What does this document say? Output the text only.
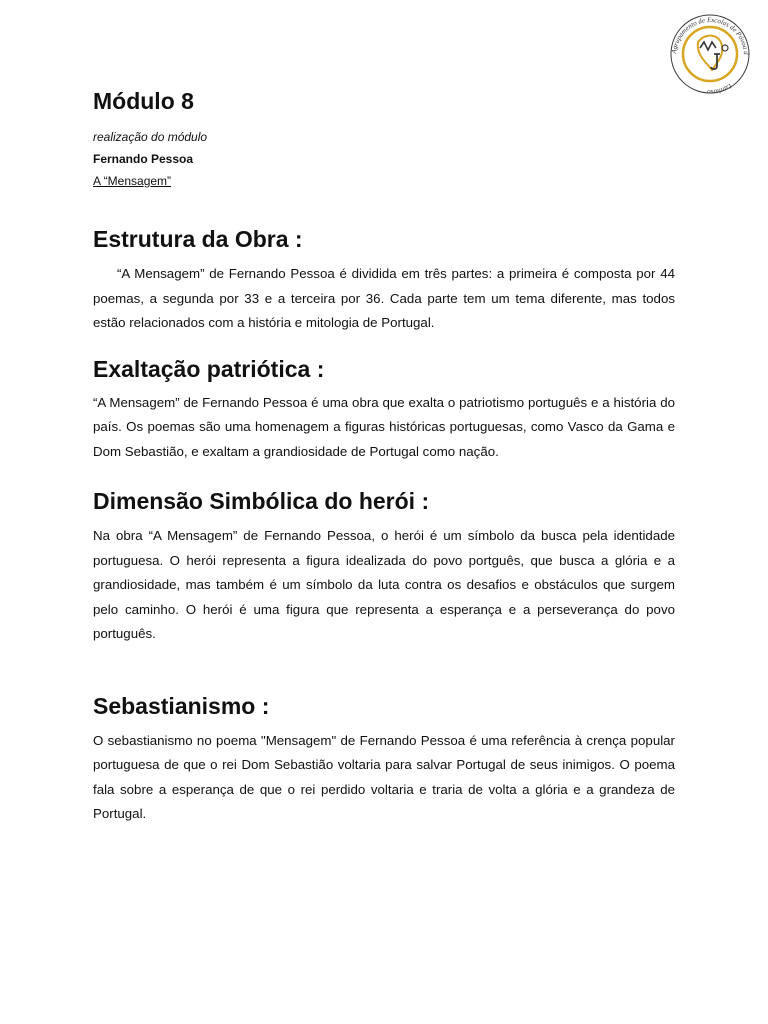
Agrupamento de Escolas de Póvoa d
Lanhoso
Módulo 8

realização do módulo

Fernando Pessoa

A “Mensagem”

Estrutura da Obra :

“A Mensagem” de Fernando Pessoa é dividida em três partes: a primeira é composta por 44 poemas, a segunda por 33 e a terceira por 36. Cada parte tem um tema diferente, mas todos estão relacionados com a história e mitologia de Portugal.

Exaltação patriótica :

“A Mensagem” de Fernando Pessoa é uma obra que exalta o patriotismo português e a história do país. Os poemas são uma homenagem a figuras históricas portuguesas, como Vasco da Gama e Dom Sebastião, e exaltam a grandiosidade de Portugal como nação.

Dimensão Simbólica do herói :

Na obra “A Mensagem” de Fernando Pessoa, o herói é um símbolo da busca pela identidade portuguesa. O herói representa a figura idealizada do povo portguês, que busca a glória e a grandiosidade, mas também é um símbolo da luta contra os desafios e obstáculos que surgem pelo caminho. O herói é uma figura que representa a esperança e a perseverança do povo português.

Sebastianismo :

O sebastianismo no poema "Mensagem" de Fernando Pessoa é uma referência à crença popular portuguesa de que o rei Dom Sebastião voltaria para salvar Portugal de seus inimigos. O poema fala sobre a esperança de que o rei perdido voltaria e traria de volta a glória e a grandeza de Portugal.
